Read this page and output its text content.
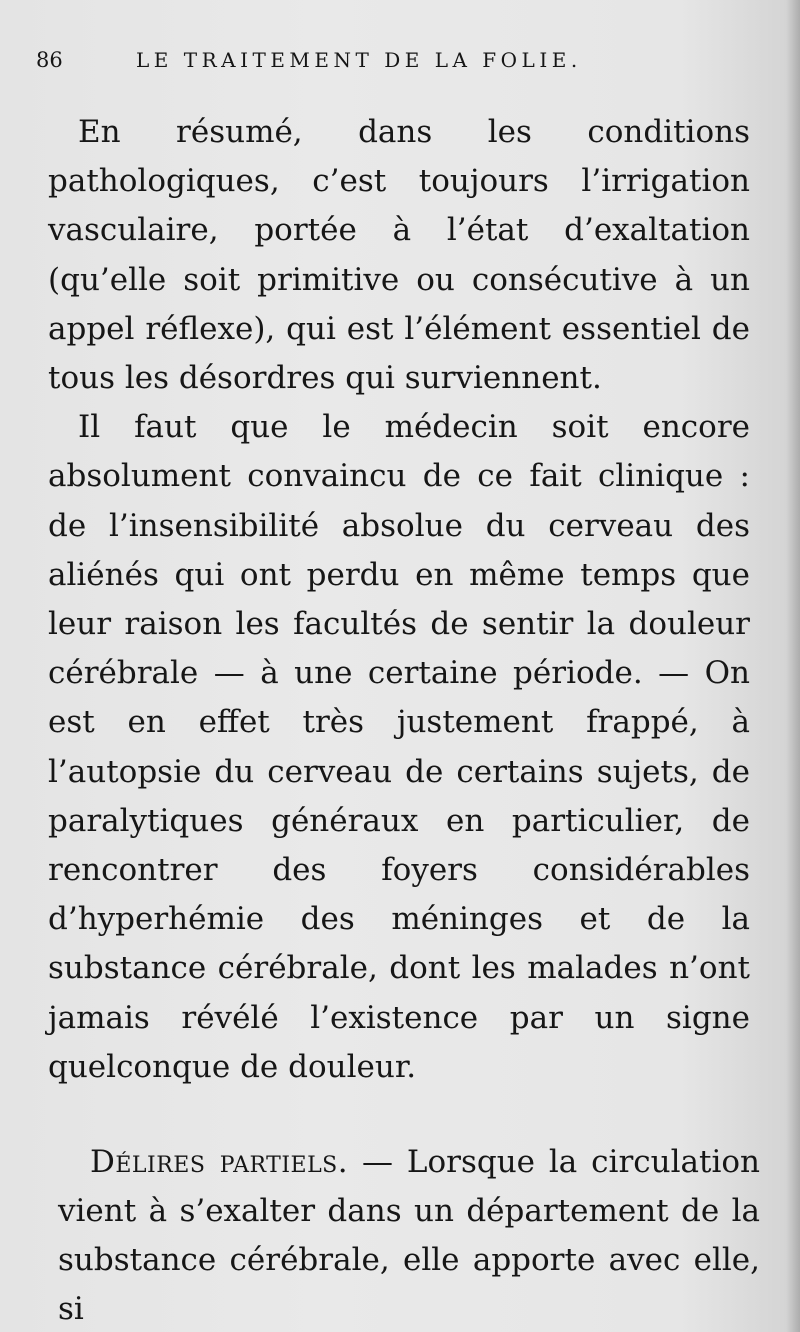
86	LE TRAITEMENT DE LA FOLIE.

En résumé, dans les conditions pathologiques, c’est toujours l’irrigation vasculaire, portée à l’état d’exaltation (qu’elle soit primitive ou consécutive à un appel réflexe), qui est l’élément essentiel de tous les désordres qui surviennent.

Il faut que le médecin soit encore absolument convaincu de ce fait clinique : de l’insensibilité absolue du cerveau des aliénés qui ont perdu en même temps que leur raison les facultés de sentir la douleur cérébrale — à une certaine période. — On est en effet très justement frappé, à l’autopsie du cerveau de certains sujets, de paralytiques généraux en particulier, de rencontrer des foyers considérables d’hyperhémie des méninges et de la substance cérébrale, dont les malades n’ont jamais révélé l’existence par un signe quelconque de douleur.

Délires partiels. — Lorsque la circulation vient à s’exalter dans un département de la substance cérébrale, elle apporte avec elle, si
